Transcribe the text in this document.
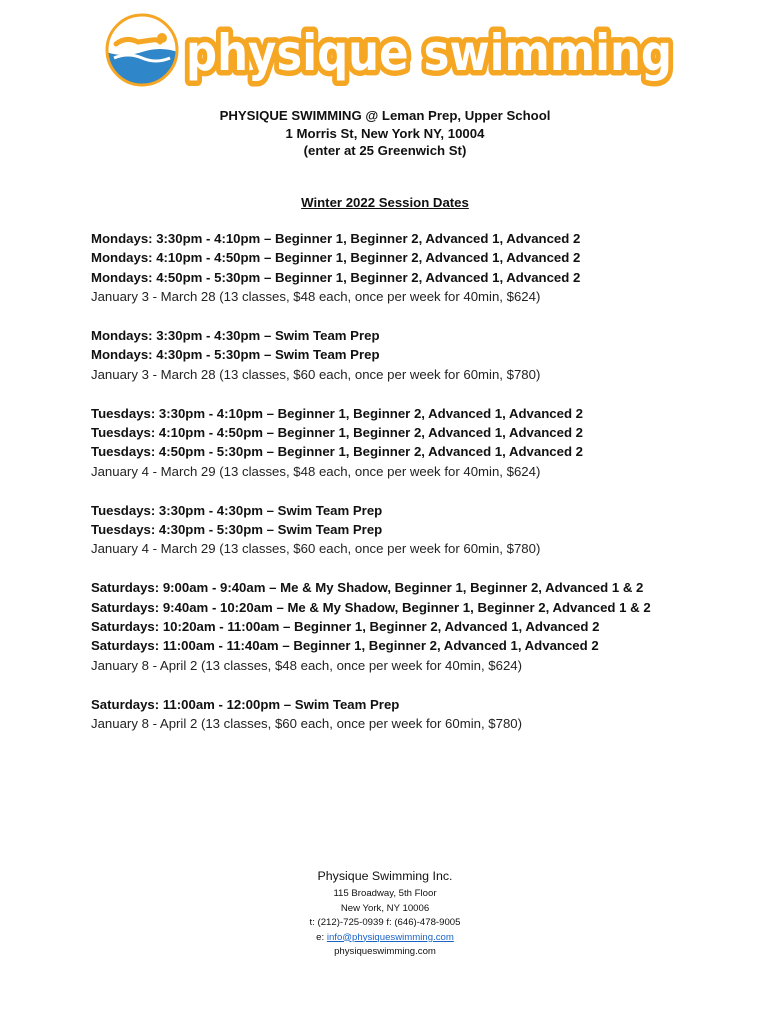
physique swimming
PHYSIQUE SWIMMING @ Leman Prep, Upper School
1 Morris St, New York NY, 10004
(enter at 25 Greenwich St)
Winter 2022 Session Dates
Mondays: 3:30pm - 4:10pm – Beginner 1, Beginner 2, Advanced 1, Advanced 2
Mondays: 4:10pm - 4:50pm – Beginner 1, Beginner 2, Advanced 1, Advanced 2
Mondays: 4:50pm - 5:30pm – Beginner 1, Beginner 2, Advanced 1, Advanced 2
January 3 - March 28 (13 classes, $48 each, once per week for 40min, $624)
Mondays: 3:30pm - 4:30pm – Swim Team Prep
Mondays: 4:30pm - 5:30pm – Swim Team Prep
January 3 - March 28 (13 classes, $60 each, once per week for 60min, $780)
Tuesdays: 3:30pm - 4:10pm – Beginner 1, Beginner 2, Advanced 1, Advanced 2
Tuesdays: 4:10pm - 4:50pm – Beginner 1, Beginner 2, Advanced 1, Advanced 2
Tuesdays: 4:50pm - 5:30pm – Beginner 1, Beginner 2, Advanced 1, Advanced 2
January 4 - March 29 (13 classes, $48 each, once per week for 40min, $624)
Tuesdays: 3:30pm - 4:30pm – Swim Team Prep
Tuesdays: 4:30pm - 5:30pm – Swim Team Prep
January 4 - March 29 (13 classes, $60 each, once per week for 60min, $780)
Saturdays: 9:00am - 9:40am – Me & My Shadow, Beginner 1, Beginner 2, Advanced 1 & 2
Saturdays: 9:40am - 10:20am – Me & My Shadow, Beginner 1, Beginner 2, Advanced 1 & 2
Saturdays: 10:20am - 11:00am – Beginner 1, Beginner 2, Advanced 1, Advanced 2
Saturdays: 11:00am - 11:40am – Beginner 1, Beginner 2, Advanced 1, Advanced 2
January 8 - April 2 (13 classes, $48 each, once per week for 40min, $624)
Saturdays: 11:00am - 12:00pm – Swim Team Prep
January 8 - April 2 (13 classes, $60 each, once per week for 60min, $780)
Physique Swimming Inc.
115 Broadway, 5th Floor
New York, NY 10006
t: (212)-725-0939 f: (646)-478-9005
e: info@physiqueswimming.com
physiqueswimming.com
